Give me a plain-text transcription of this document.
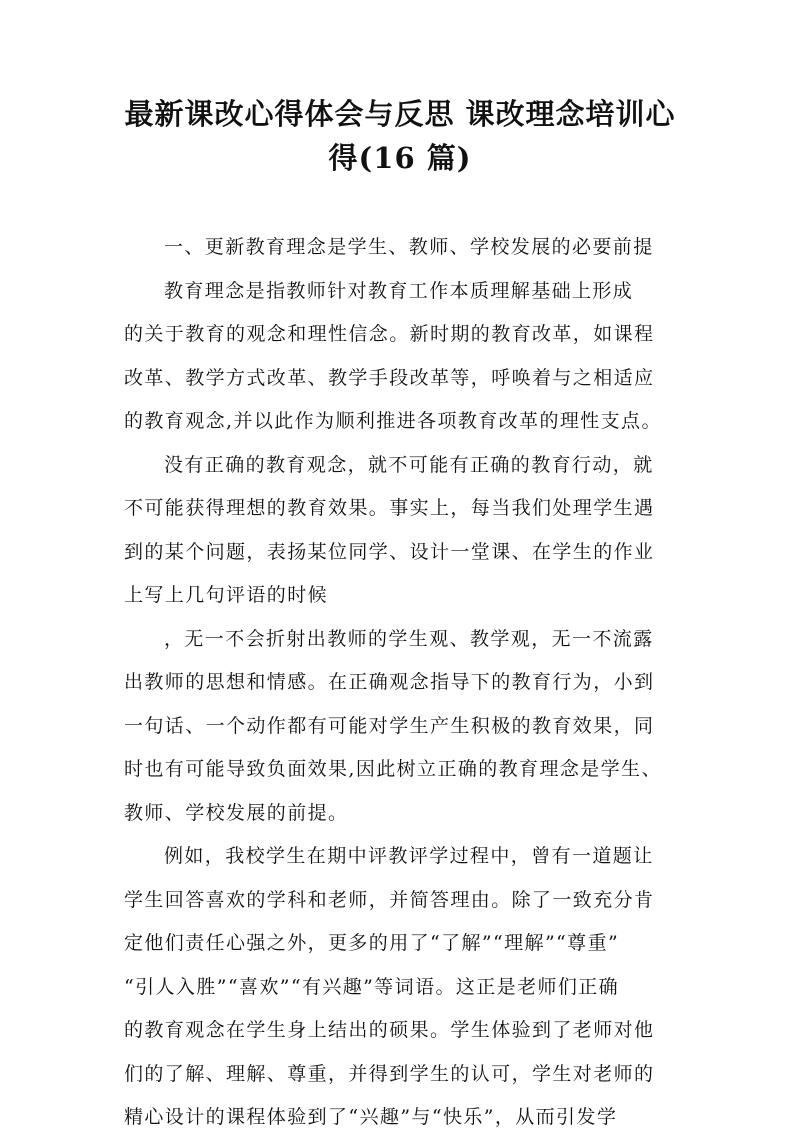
最新课改心得体会与反思 课改理念培训心
得(16 篇)
一、更新教育理念是学生、教师、学校发展的必要前提
教育理念是指教师针对教育工作本质理解基础上形成
的关于教育的观念和理性信念。新时期的教育改革，如课程
改革、教学方式改革、教学手段改革等，呼唤着与之相适应
的教育观念,并以此作为顺利推进各项教育改革的理性支点。
没有正确的教育观念，就不可能有正确的教育行动，就
不可能获得理想的教育效果。事实上，每当我们处理学生遇
到的某个问题，表扬某位同学、设计一堂课、在学生的作业
上写上几句评语的时候
，无一不会折射出教师的学生观、教学观，无一不流露
出教师的思想和情感。在正确观念指导下的教育行为，小到
一句话、一个动作都有可能对学生产生积极的教育效果，同
时也有可能导致负面效果,因此树立正确的教育理念是学生、
教师、学校发展的前提。
例如，我校学生在期中评教评学过程中，曾有一道题让
学生回答喜欢的学科和老师，并简答理由。除了一致充分肯
定他们责任心强之外，更多的用了“了解”“理解”“尊重”
“引人入胜”“喜欢”“有兴趣”等词语。这正是老师们正确
的教育观念在学生身上结出的硕果。学生体验到了老师对他
们的了解、理解、尊重，并得到学生的认可，学生对老师的
精心设计的课程体验到了“兴趣”与“快乐”，从而引发学
